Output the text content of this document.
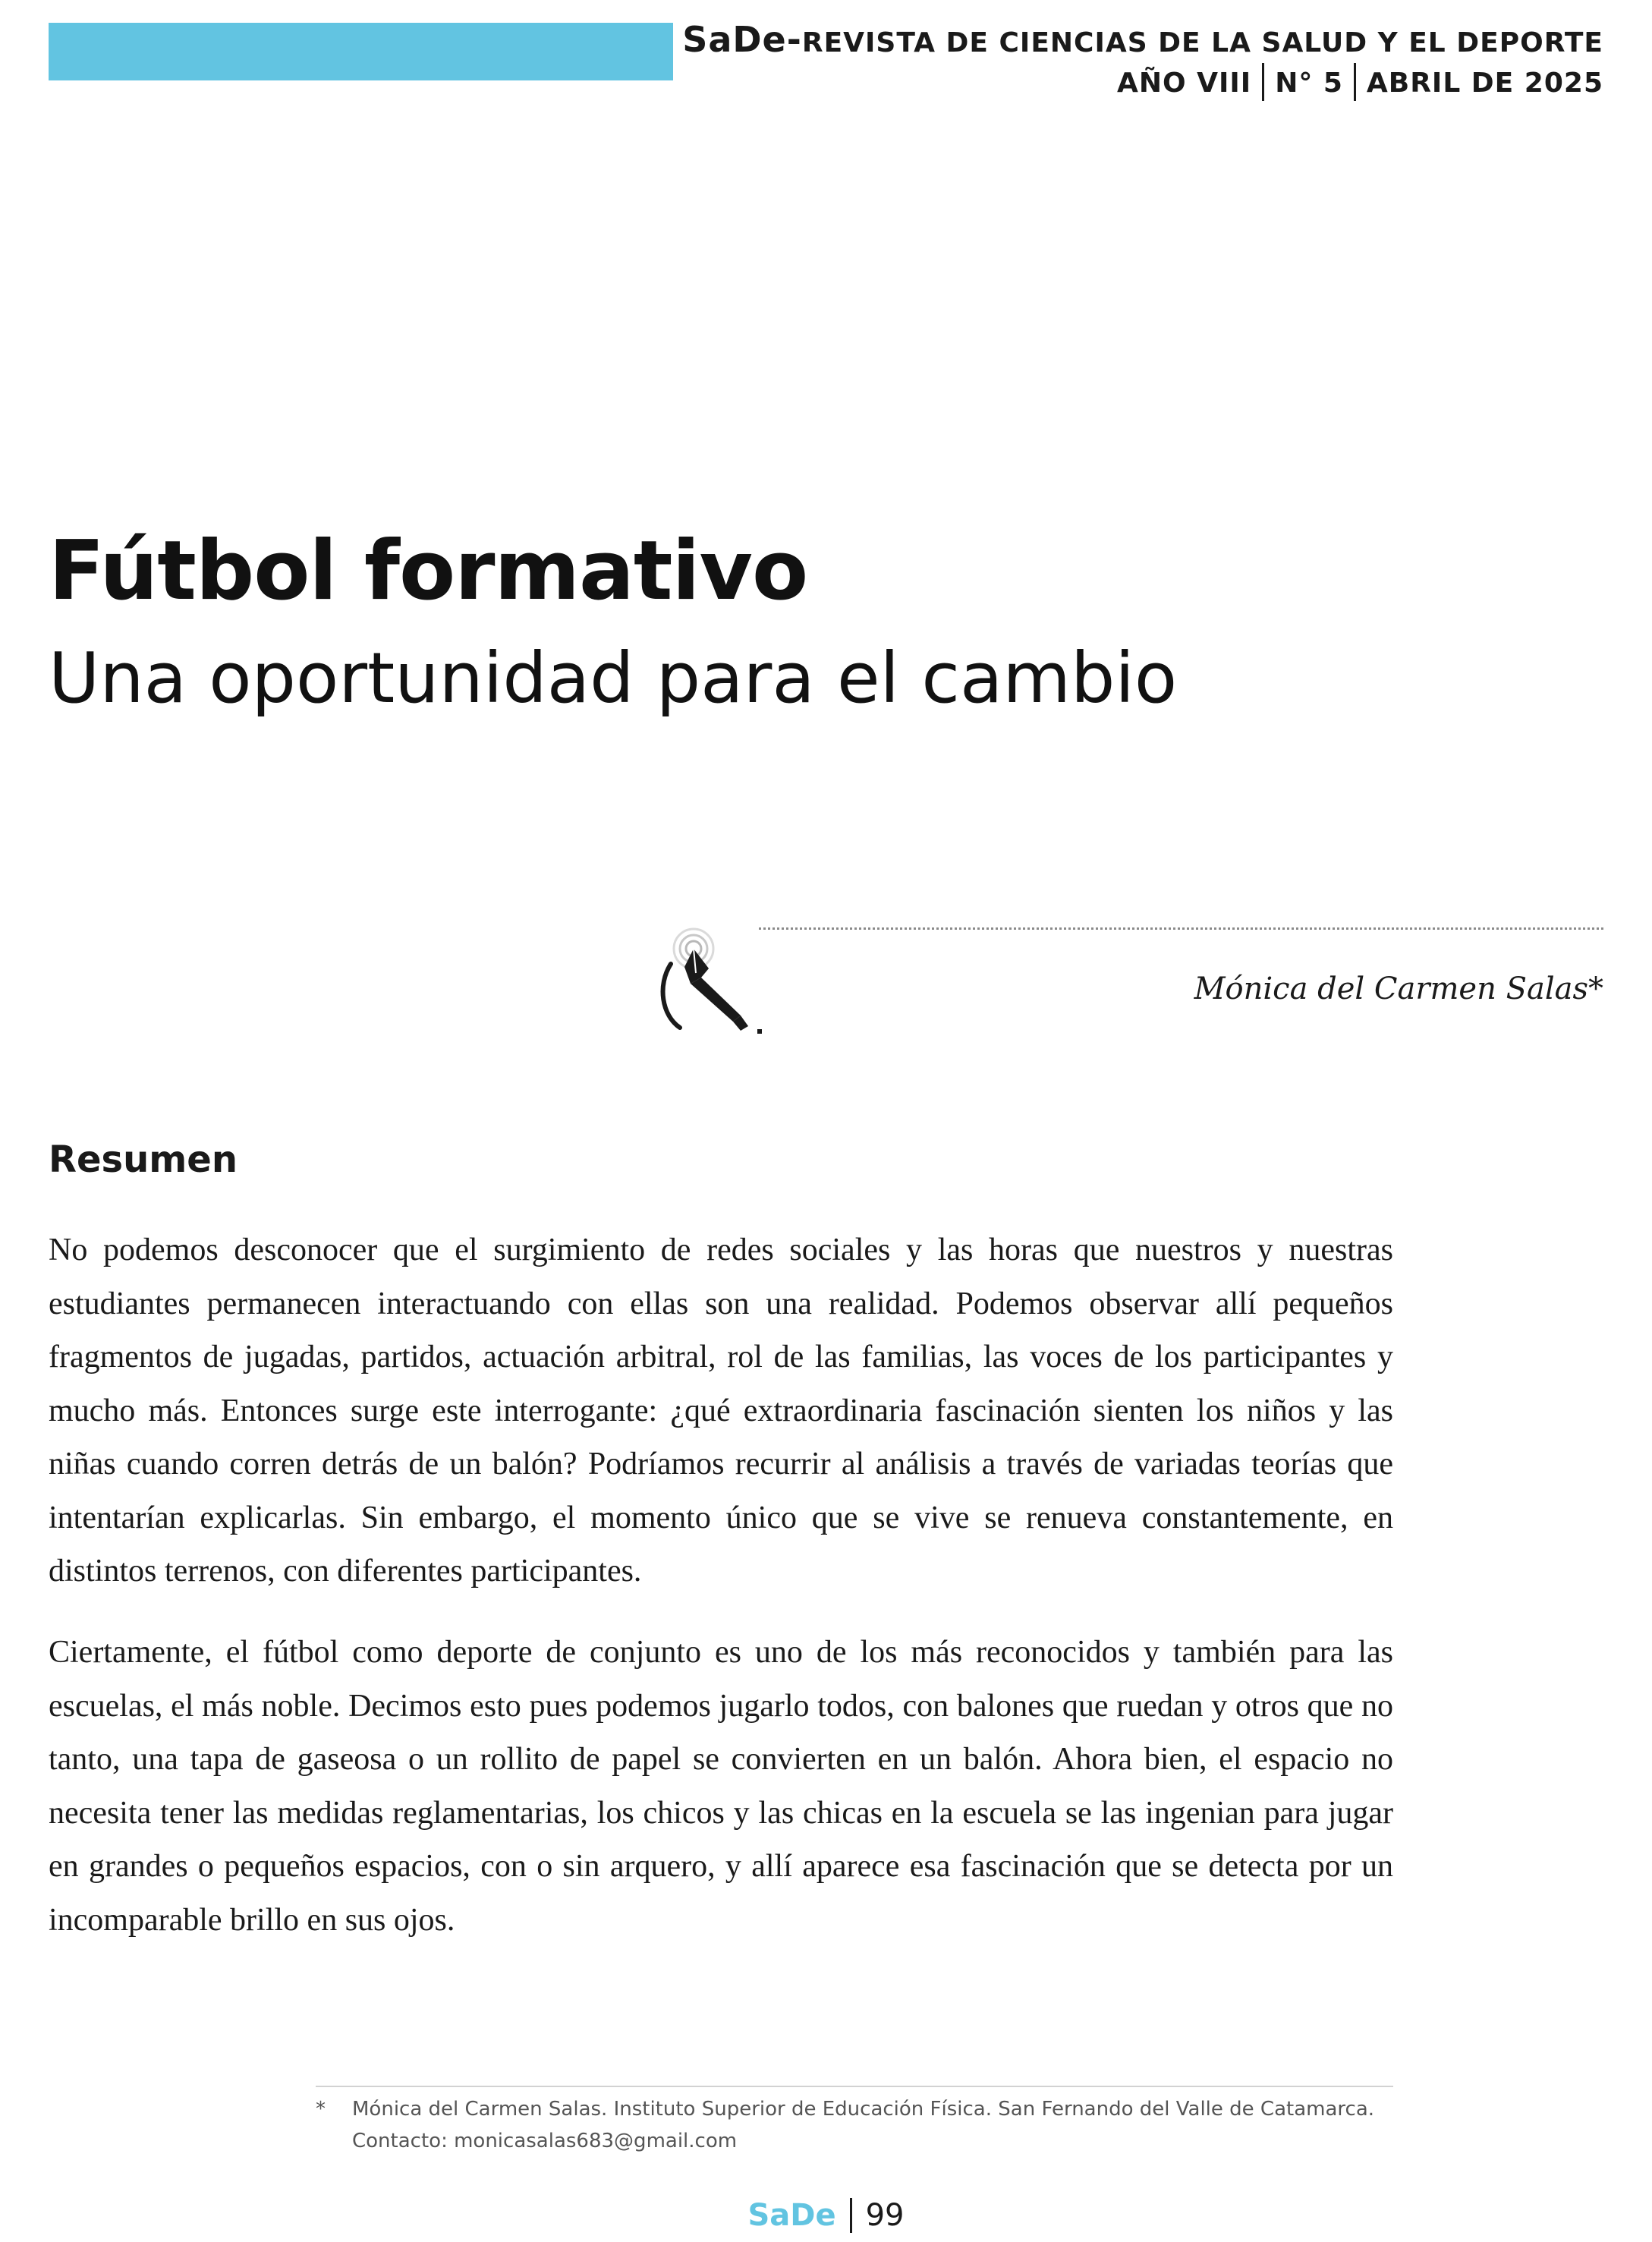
SaDe-REVISTA DE CIENCIAS DE LA SALUD Y EL DEPORTE
AÑO VIII N° 5 ABRIL DE 2025
Fútbol formativo
Una oportunidad para el cambio
Mónica del Carmen Salas*
Resumen

No podemos desconocer que el surgimiento de redes sociales y las horas que nuestros y nuestras estudiantes permanecen interactuando con ellas son una realidad. Podemos observar allí pequeños fragmentos de jugadas, partidos, actuación arbitral, rol de las familias, las voces de los participantes y mucho más. Entonces surge este interrogante: ¿qué extraordinaria fascinación sienten los niños y las niñas cuando corren detrás de un balón? Podríamos recurrir al análisis a través de variadas teorías que intentarían explicarlas. Sin embargo, el momento único que se vive se renueva constantemente, en distintos terrenos, con diferentes participantes.

Ciertamente, el fútbol como deporte de conjunto es uno de los más reconocidos y también para las escuelas, el más noble. Decimos esto pues podemos jugarlo todos, con balones que ruedan y otros que no tanto, una tapa de gaseosa o un rollito de papel se convierten en un balón. Ahora bien, el espacio no necesita tener las medidas reglamentarias, los chicos y las chicas en la escuela se las ingenian para jugar en grandes o pequeños espacios, con o sin arquero, y allí aparece esa fascinación que se detecta por un incomparable brillo en sus ojos.

* Mónica del Carmen Salas. Instituto Superior de Educación Física. San Fernando del Valle de Catamarca.
Contacto: monicasalas683@gmail.com
SaDe 99
